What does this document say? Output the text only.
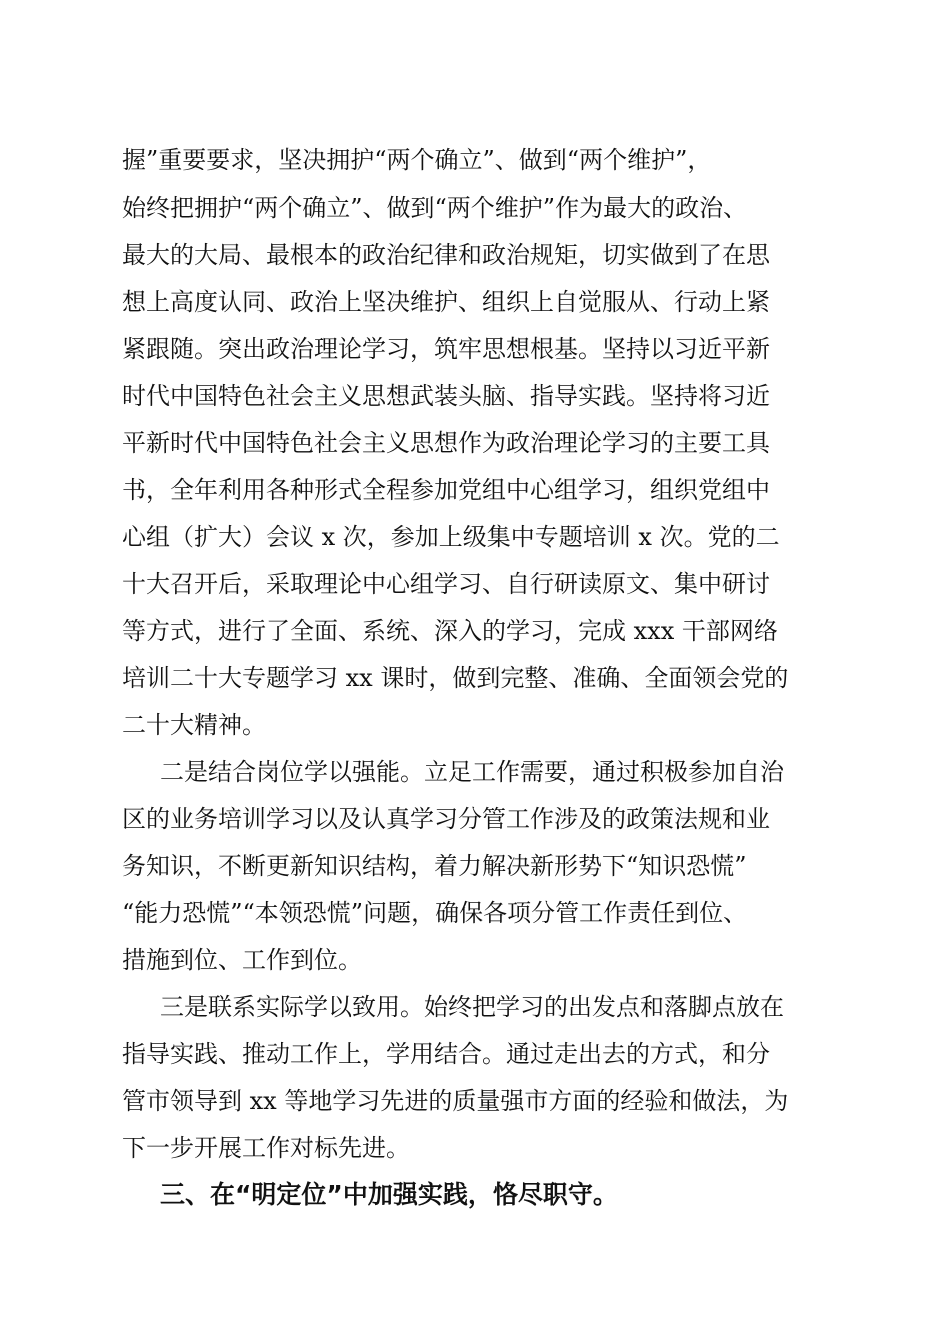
握”重要要求，坚决拥护“两个确立”、做到“两个维护”，
始终把拥护“两个确立”、做到“两个维护”作为最大的政治、
最大的大局、最根本的政治纪律和政治规矩，切实做到了在思
想上高度认同、政治上坚决维护、组织上自觉服从、行动上紧
紧跟随。突出政治理论学习，筑牢思想根基。坚持以习近平新
时代中国特色社会主义思想武装头脑、指导实践。坚持将习近
平新时代中国特色社会主义思想作为政治理论学习的主要工具
书，全年利用各种形式全程参加党组中心组学习，组织党组中
心组（扩大）会议 x 次，参加上级集中专题培训 x 次。党的二
十大召开后，采取理论中心组学习、自行研读原文、集中研讨
等方式，进行了全面、系统、深入的学习，完成 xxx 干部网络
培训二十大专题学习 xx 课时，做到完整、准确、全面领会党的
二十大精神。
二是结合岗位学以强能。立足工作需要，通过积极参加自治
区的业务培训学习以及认真学习分管工作涉及的政策法规和业
务知识，不断更新知识结构，着力解决新形势下“知识恐慌”
“能力恐慌”“本领恐慌”问题，确保各项分管工作责任到位、
措施到位、工作到位。
三是联系实际学以致用。始终把学习的出发点和落脚点放在
指导实践、推动工作上，学用结合。通过走出去的方式，和分
管市领导到 xx 等地学习先进的质量强市方面的经验和做法，为
下一步开展工作对标先进。
三、在“明定位”中加强实践，恪尽职守。
